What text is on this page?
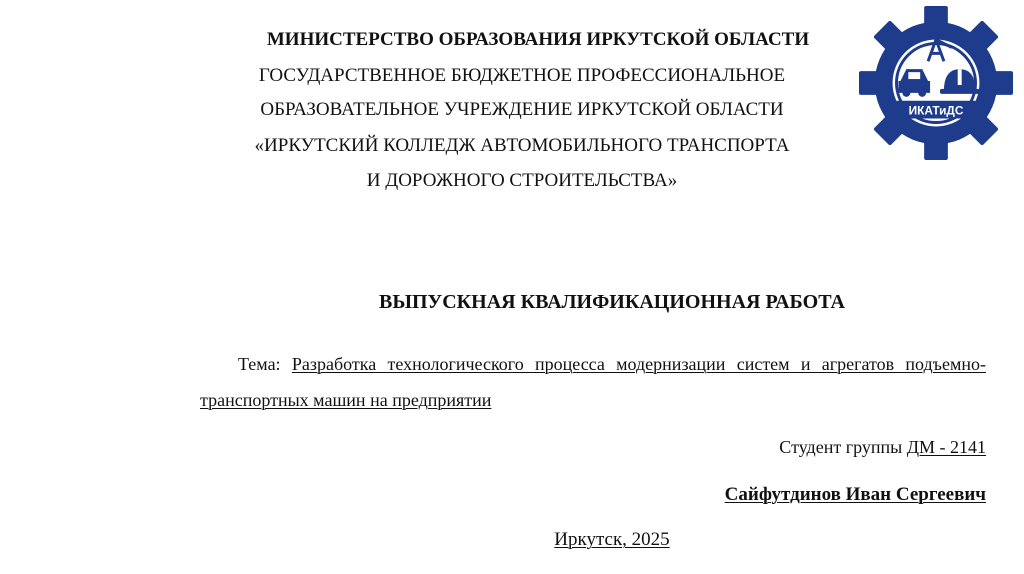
МИНИСТЕРСТВО ОБРАЗОВАНИЯ ИРКУТСКОЙ ОБЛАСТИ
ГОСУДАРСТВЕННОЕ БЮДЖЕТНОЕ ПРОФЕССИОНАЛЬНОЕ
ОБРАЗОВАТЕЛЬНОЕ УЧРЕЖДЕНИЕ ИРКУТСКОЙ ОБЛАСТИ
«ИРКУТСКИЙ КОЛЛЕДЖ АВТОМОБИЛЬНОГО ТРАНСПОРТА
И ДОРОЖНОГО СТРОИТЕЛЬСТВА»
ИКАТиДС
ВЫПУСКНАЯ КВАЛИФИКАЦИОННАЯ РАБОТА
Тема: Разработка технологического процесса модернизации систем и агрегатов подъемно-транспортных машин на предприятии
Студент группы ДМ - 2141
Сайфутдинов Иван Сергеевич
Иркутск, 2025
